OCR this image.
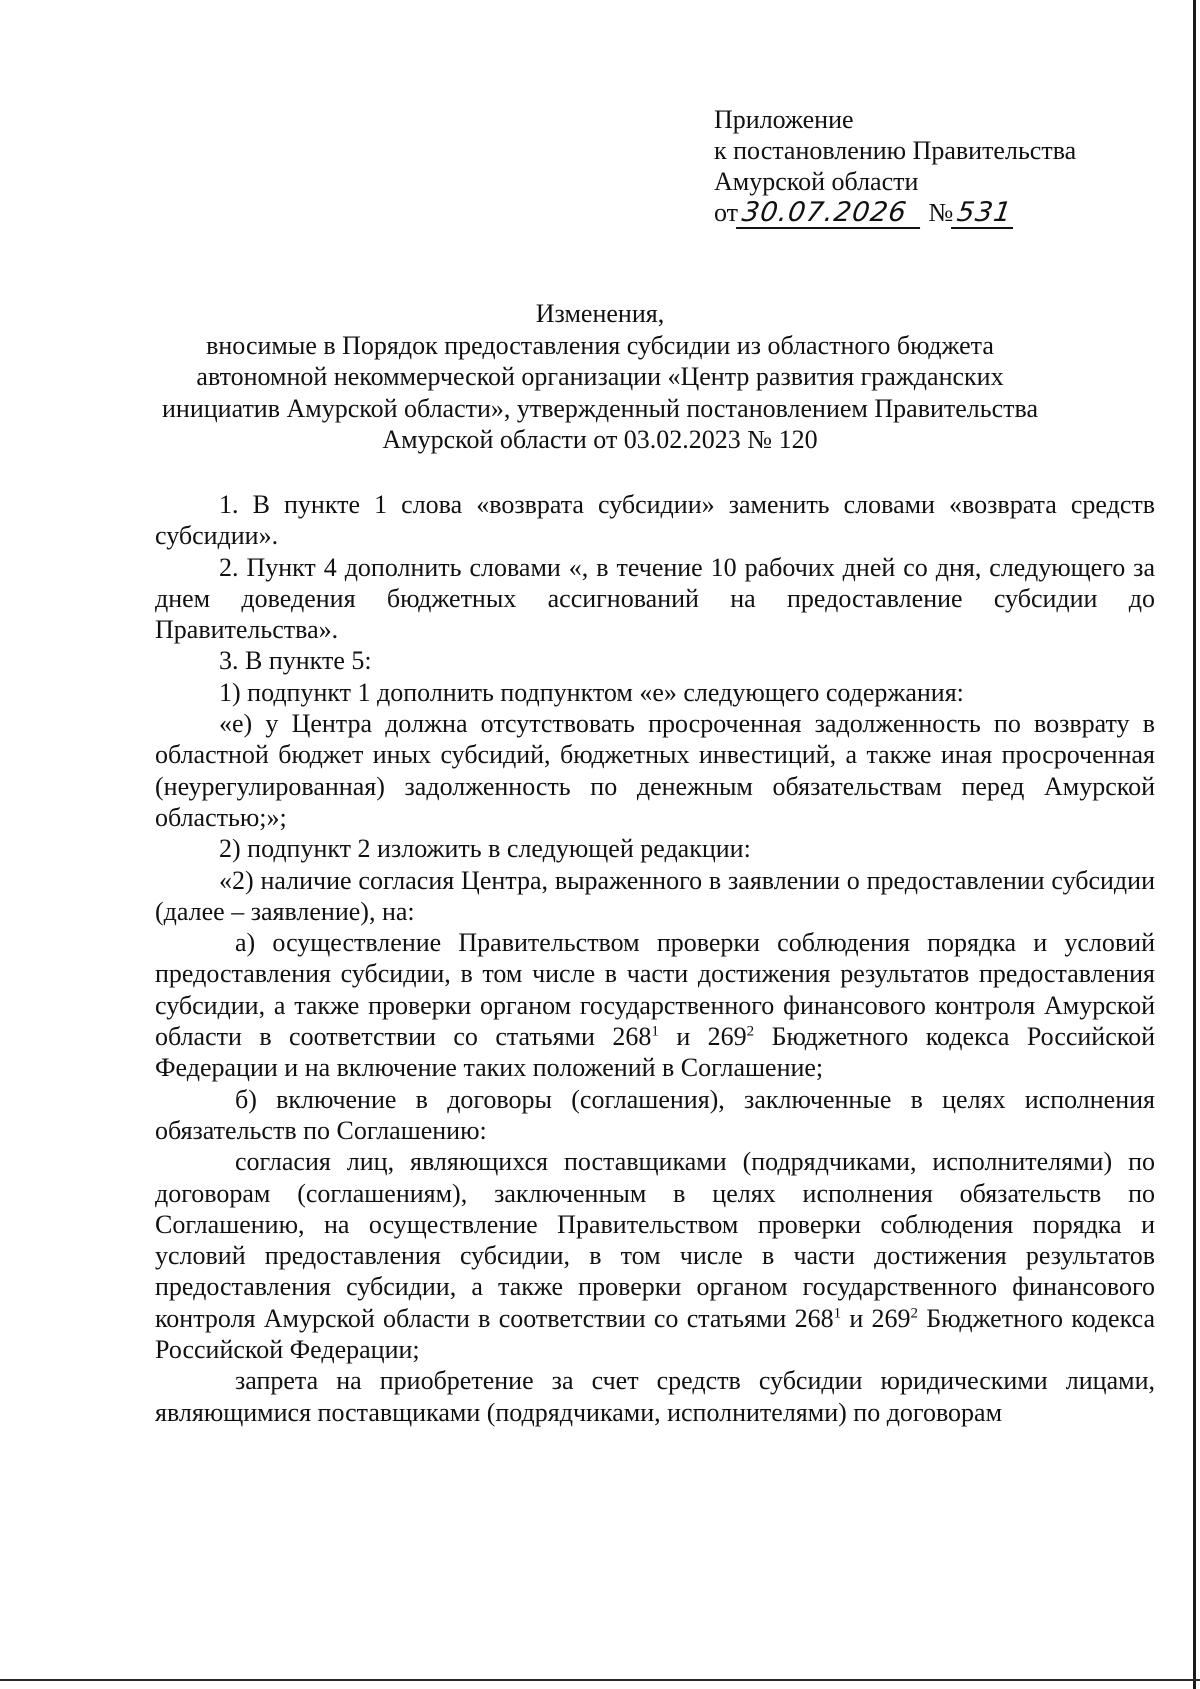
Приложение
к постановлению Правительства
Амурской области
от30.07.2026 №531
Изменения,
вносимые в Порядок предоставления субсидии из областного бюджета
автономной некоммерческой организации «Центр развития гражданских
инициатив Амурской области», утвержденный постановлением Правительства
Амурской области от 03.02.2023 № 120

1. В пункте 1 слова «возврата субсидии» заменить словами «возврата средств субсидии».

2. Пункт 4 дополнить словами «, в течение 10 рабочих дней со дня, следующего за днем доведения бюджетных ассигнований на предоставление субсидии до Правительства».

3. В пункте 5:

1) подпункт 1 дополнить подпунктом «е» следующего содержания:

«е) у Центра должна отсутствовать просроченная задолженность по возврату в областной бюджет иных субсидий, бюджетных инвестиций, а также иная просроченная (неурегулированная) задолженность по денежным обязательствам перед Амурской областью;»;

2) подпункт 2 изложить в следующей редакции:

«2) наличие согласия Центра, выраженного в заявлении о предоставлении субсидии (далее – заявление), на:

а) осуществление Правительством проверки соблюдения порядка и условий предоставления субсидии, в том числе в части достижения результатов предоставления субсидии, а также проверки органом государственного финансового контроля Амурской области в соответствии со статьями $268^1$ и $269^2$ Бюджетного кодекса Российской Федерации и на включение таких положений в Соглашение;

б) включение в договоры (соглашения), заключенные в целях исполнения обязательств по Соглашению:

согласия лиц, являющихся поставщиками (подрядчиками, исполнителями) по договорам (соглашениям), заключенным в целях исполнения обязательств по Соглашению, на осуществление Правительством проверки соблюдения порядка и условий предоставления субсидии, в том числе в части достижения результатов предоставления субсидии, а также проверки органом государственного финансового контроля Амурской области в соответствии со статьями $268^1$ и $269^2$ Бюджетного кодекса Российской Федерации;

запрета на приобретение за счет средств субсидии юридическими лицами, являющимися поставщиками (подрядчиками, исполнителями) по договорам
